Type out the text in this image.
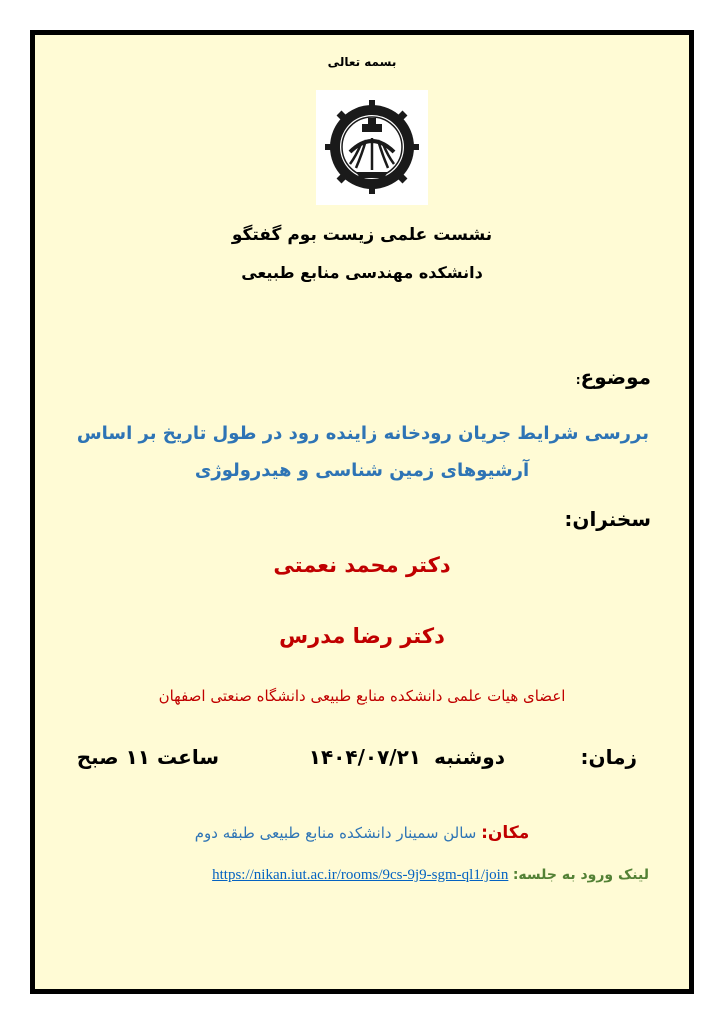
بسمه تعالی
نشست علمی زیست بوم گفتگو
دانشکده مهندسی منابع طبیعی
موضوع:
بررسی شرایط جریان رودخانه زاینده رود در طول تاریخ بر اساس
آرشیوهای زمین شناسی و هیدرولوژی
سخنران:
دکتر محمد نعمتی
دکتر رضا مدرس
اعضای هیات علمی دانشکده منابع طبیعی دانشگاه صنعتی اصفهان
زمان:
دوشنبه
۱۴۰۴/۰۷/۲۱
ساعت ۱۱ صبح
مکان: سالن سمینار دانشکده منابع طبیعی طبقه دوم
لینک ورود به جلسه: https://nikan.iut.ac.ir/rooms/9cs-9j9-sgm-ql1/join
